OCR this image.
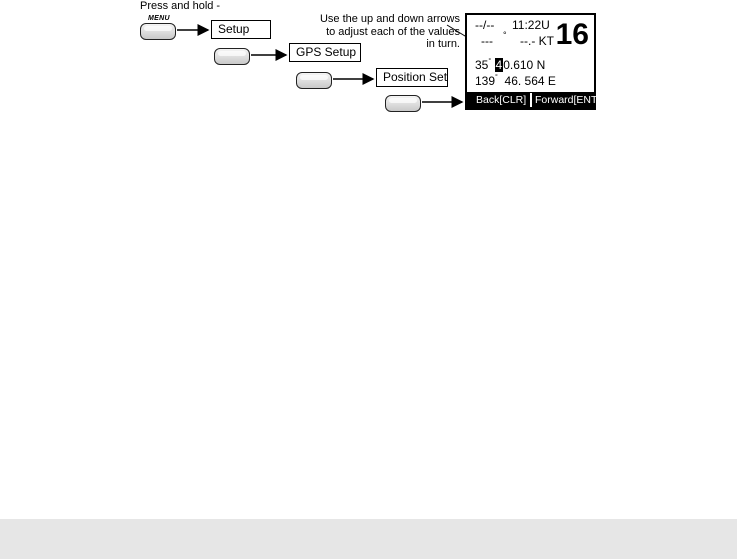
Press and hold -
MENU
Setup
GPS Setup
Position Set
Use the up and down arrows
to adjust each of the values
in turn.
--/-- 11:22U 16
--- ° --.- KT
35° 40.610 N
139° 46. 564 E
Back[CLR] Forward[ENT]
